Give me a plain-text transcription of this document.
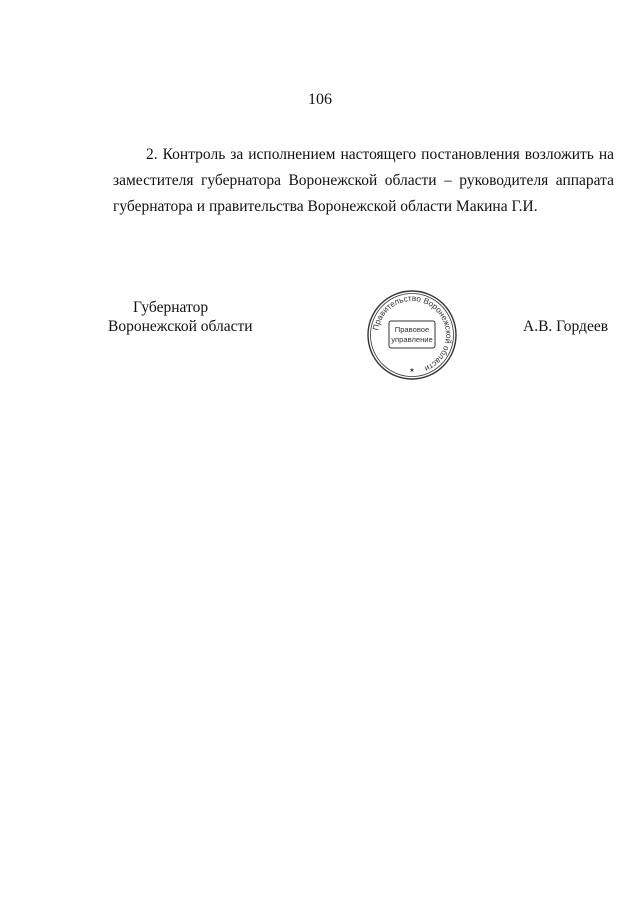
106

2. Контроль за исполнением настоящего постановления возложить на
заместителя губернатора Воронежской области – руководителя аппарата
губернатора и правительства Воронежской области Макина Г.И.

Губернатор
Воронежской области	Правительство Воронежской области
Правовое
управление
★
А.В. Гордеев
